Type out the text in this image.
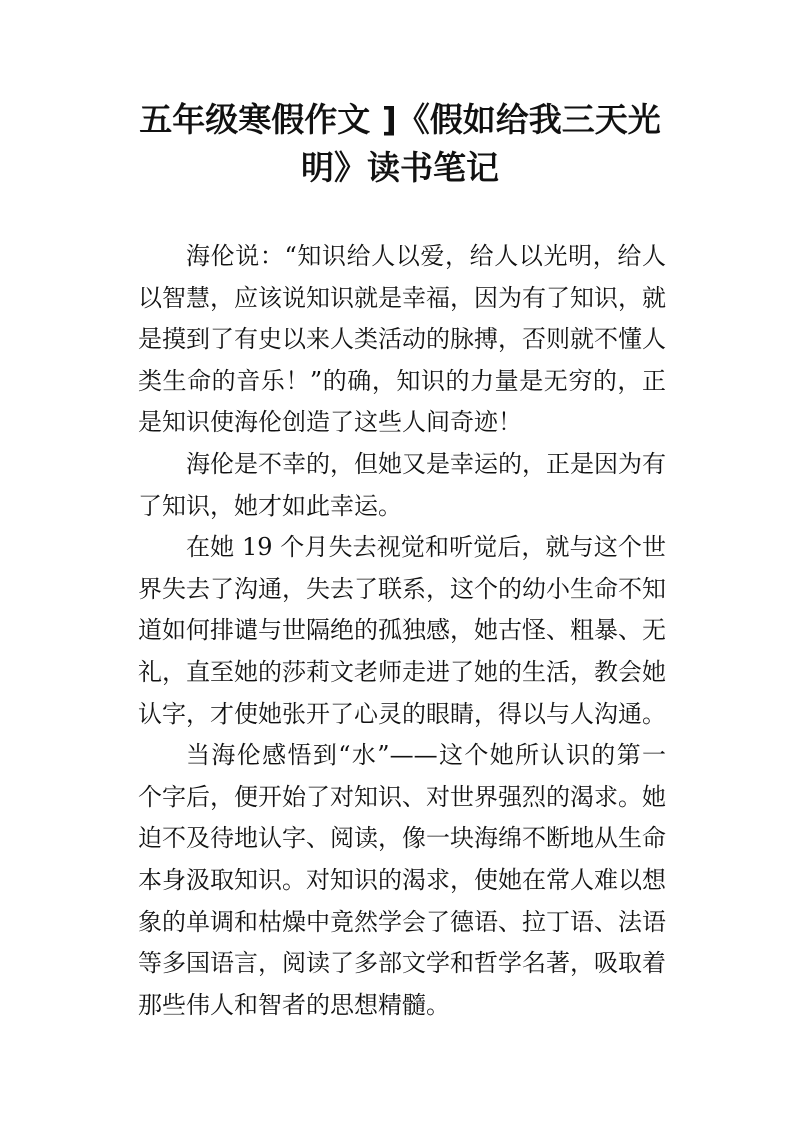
五年级寒假作文 ]《假如给我三天光明》读书笔记

海伦说：“知识给人以爱，给人以光明，给人以智慧，应该说知识就是幸福，因为有了知识，就是摸到了有史以来人类活动的脉搏，否则就不懂人类生命的音乐！”的确，知识的力量是无穷的，正是知识使海伦创造了这些人间奇迹！

海伦是不幸的，但她又是幸运的，正是因为有了知识，她才如此幸运。

在她 19 个月失去视觉和听觉后，就与这个世界失去了沟通，失去了联系，这个的幼小生命不知道如何排谴与世隔绝的孤独感，她古怪、粗暴、无礼，直至她的莎莉文老师走进了她的生活，教会她认字，才使她张开了心灵的眼睛，得以与人沟通。

当海伦感悟到“水”——这个她所认识的第一个字后，便开始了对知识、对世界强烈的渴求。她迫不及待地认字、阅读，像一块海绵不断地从生命本身汲取知识。对知识的渴求，使她在常人难以想象的单调和枯燥中竟然学会了德语、拉丁语、法语等多国语言，阅读了多部文学和哲学名著，吸取着那些伟人和智者的思想精髓。
